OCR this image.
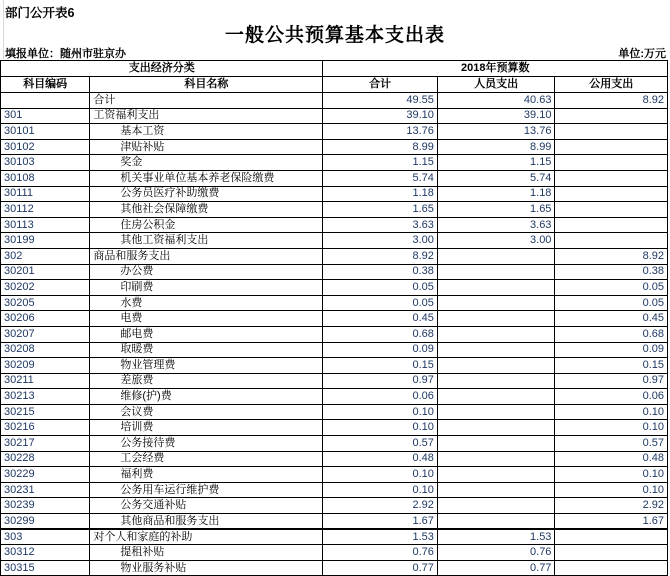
部门公开表6
一般公共预算基本支出表
填报单位：随州市驻京办	单位:万元
支出经济分类		2018年预算数		
科目编码	科目名称	合计	人员支出	公用支出
	合计	49.55	40.63	8.92
301	工资福利支出	39.10	39.10	
30101	基本工资	13.76	13.76	
30102	津贴补贴	8.99	8.99	
30103	奖金	1.15	1.15	
30108	机关事业单位基本养老保险缴费	5.74	5.74	
30111	公务员医疗补助缴费	1.18	1.18	
30112	其他社会保障缴费	1.65	1.65	
30113	住房公积金	3.63	3.63	
30199	其他工资福利支出	3.00	3.00	
302	商品和服务支出	8.92		8.92
30201	办公费	0.38		0.38
30202	印刷费	0.05		0.05
30205	水费	0.05		0.05
30206	电费	0.45		0.45
30207	邮电费	0.68		0.68
30208	取暖费	0.09		0.09
30209	物业管理费	0.15		0.15
30211	差旅费	0.97		0.97
30213	维修(护)费	0.06		0.06
30215	会议费	0.10		0.10
30216	培训费	0.10		0.10
30217	公务接待费	0.57		0.57
30228	工会经费	0.48		0.48
30229	福利费	0.10		0.10
30231	公务用车运行维护费	0.10		0.10
30239	公务交通补贴	2.92		2.92
30299	其他商品和服务支出	1.67		1.67
303	对个人和家庭的补助	1.53	1.53	
30312	提租补贴	0.76	0.76	
30315	物业服务补贴	0.77	0.77	
